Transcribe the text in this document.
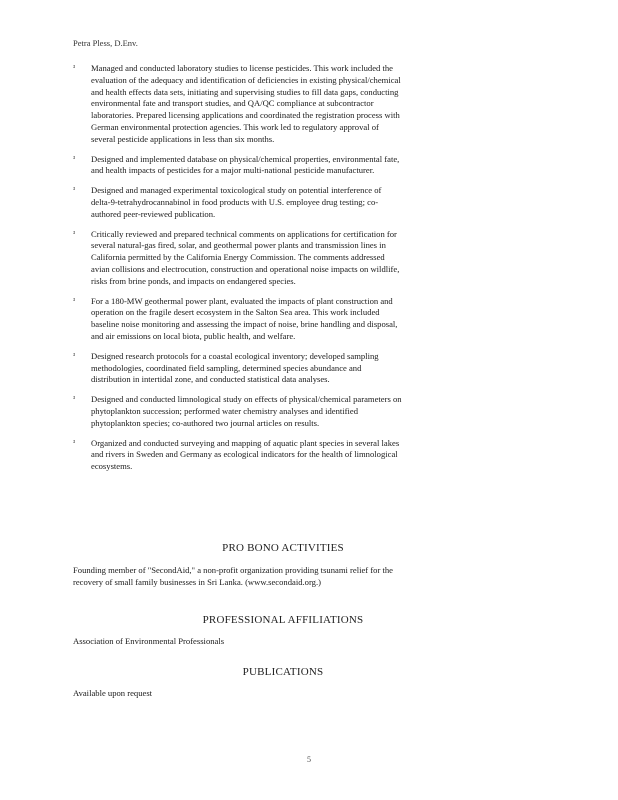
Petra Pless, D.Env.
³ Managed and conducted laboratory studies to license pesticides. This work included the evaluation of the adequacy and identification of deficiencies in existing physical/chemical and health effects data sets, initiating and supervising studies to fill data gaps, conducting environmental fate and transport studies, and QA/QC compliance at subcontractor laboratories. Prepared licensing applications and coordinated the registration process with German environmental protection agencies. This work led to regulatory approval of several pesticide applications in less than six months.
³ Designed and implemented database on physical/chemical properties, environmental fate, and health impacts of pesticides for a major multi-national pesticide manufacturer.
³ Designed and managed experimental toxicological study on potential interference of delta-9-tetrahydrocannabinol in food products with U.S. employee drug testing; co-authored peer-reviewed publication.
³ Critically reviewed and prepared technical comments on applications for certification for several natural-gas fired, solar, and geothermal power plants and transmission lines in California permitted by the California Energy Commission. The comments addressed avian collisions and electrocution, construction and operational noise impacts on wildlife, risks from brine ponds, and impacts on endangered species.
³ For a 180-MW geothermal power plant, evaluated the impacts of plant construction and operation on the fragile desert ecosystem in the Salton Sea area. This work included baseline noise monitoring and assessing the impact of noise, brine handling and disposal, and air emissions on local biota, public health, and welfare.
³ Designed research protocols for a coastal ecological inventory; developed sampling methodologies, coordinated field sampling, determined species abundance and distribution in intertidal zone, and conducted statistical data analyses.
³ Designed and conducted limnological study on effects of physical/chemical parameters on phytoplankton succession; performed water chemistry analyses and identified phytoplankton species; co-authored two journal articles on results.
³ Organized and conducted surveying and mapping of aquatic plant species in several lakes and rivers in Sweden and Germany as ecological indicators for the health of limnological ecosystems.
PRO BONO ACTIVITIES
Founding member of "SecondAid," a non-profit organization providing tsunami relief for the recovery of small family businesses in Sri Lanka. (www.secondaid.org.)
PROFESSIONAL AFFILIATIONS
Association of Environmental Professionals
PUBLICATIONS
Available upon request
5
